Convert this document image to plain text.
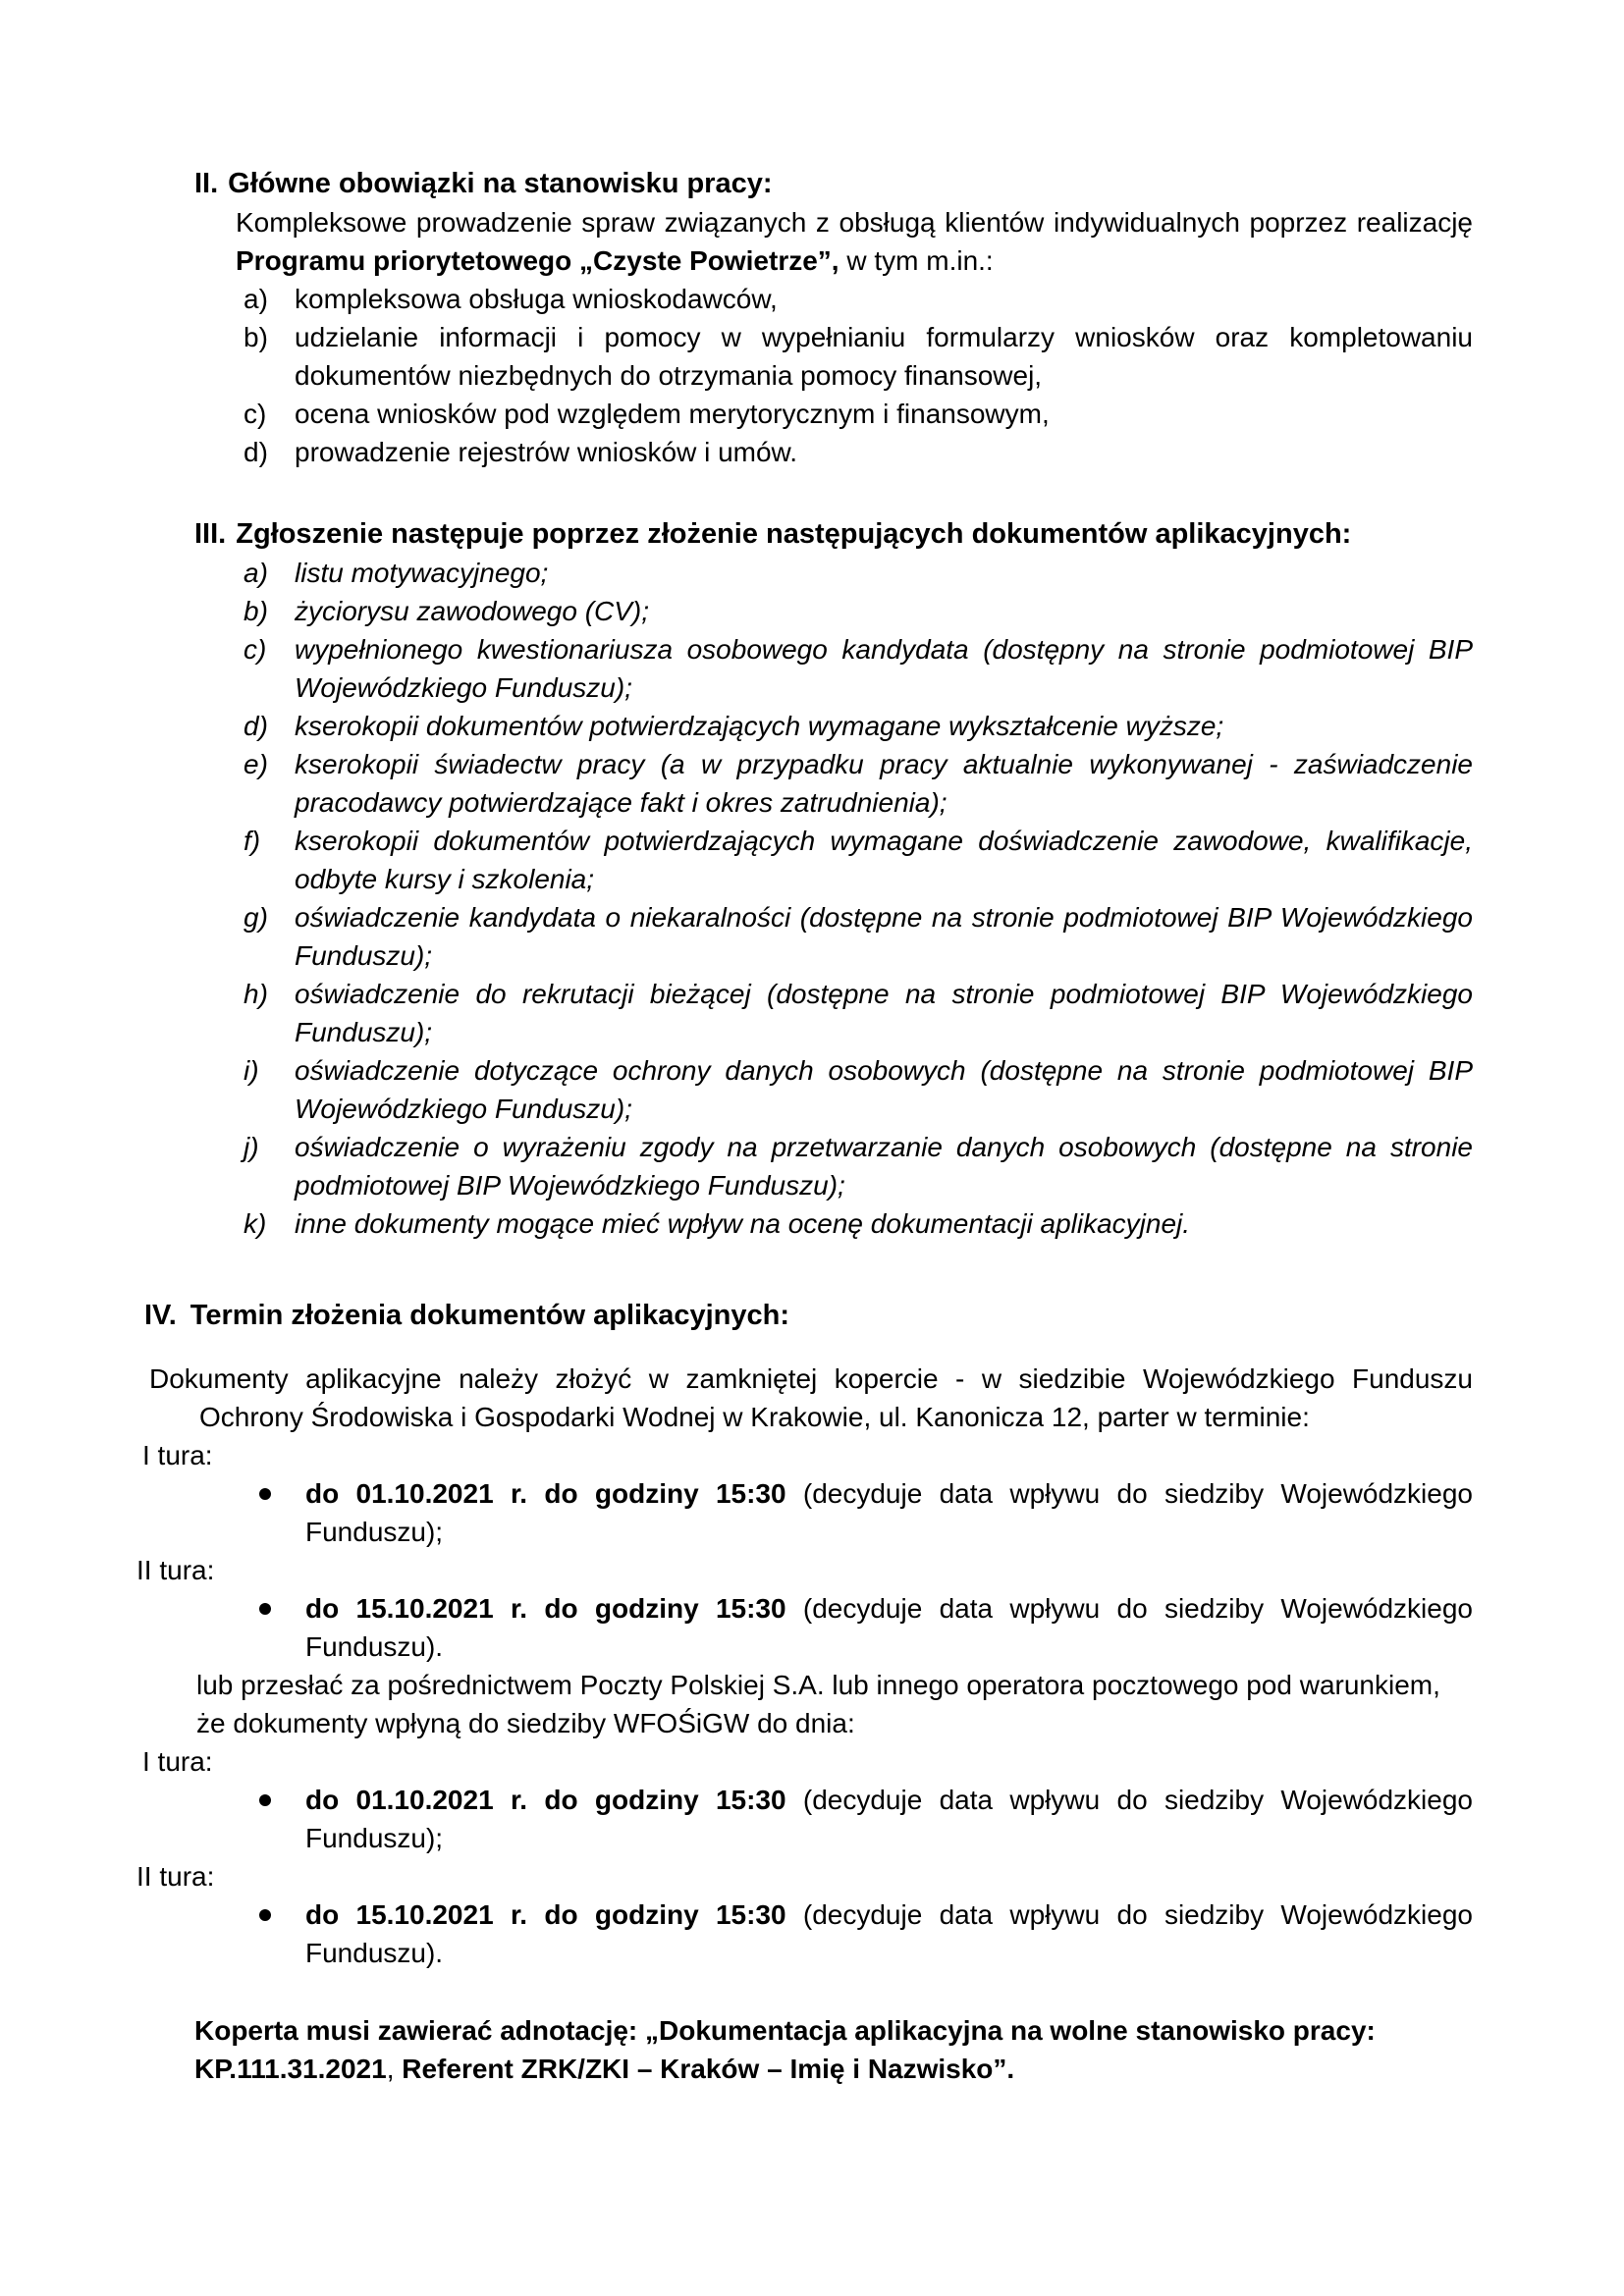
II. Główne obowiązki na stanowisku pracy:

Kompleksowe prowadzenie spraw związanych z obsługą klientów indywidualnych poprzez realizację Programu priorytetowego „Czyste Powietrze”, w tym m.in.:

a) kompleksowa obsługa wnioskodawców,
b) udzielanie informacji i pomocy w wypełnianiu formularzy wniosków oraz kompletowaniu dokumentów niezbędnych do otrzymania pomocy finansowej,
c)	ocena wniosków pod względem merytorycznym i finansowym,
d) prowadzenie rejestrów wniosków i umów.
III. Zgłoszenie następuje poprzez złożenie następujących dokumentów aplikacyjnych:
a) listu motywacyjnego;
b) życiorysu zawodowego (CV);
c)	wypełnionego kwestionariusza osobowego kandydata (dostępny na stronie podmiotowej BIP Wojewódzkiego Funduszu);
d) kserokopii dokumentów potwierdzających wymagane wykształcenie wyższe;
e) kserokopii świadectw pracy (a w przypadku pracy aktualnie wykonywanej - zaświadczenie pracodawcy potwierdzające fakt i okres zatrudnienia);
f)	kserokopii dokumentów potwierdzających wymagane doświadczenie zawodowe, kwalifikacje, odbyte kursy i szkolenia;
g) oświadczenie kandydata o niekaralności (dostępne na stronie podmiotowej BIP Wojewódzkiego Funduszu);
h) oświadczenie do rekrutacji bieżącej (dostępne na stronie podmiotowej BIP Wojewódzkiego Funduszu);
i)	oświadczenie dotyczące ochrony danych osobowych (dostępne na stronie podmiotowej BIP Wojewódzkiego Funduszu);
j)	oświadczenie o wyrażeniu zgody na przetwarzanie danych osobowych (dostępne na stronie podmiotowej BIP Wojewódzkiego Funduszu);
k)	inne dokumenty mogące mieć wpływ na ocenę dokumentacji aplikacyjnej.
IV. Termin złożenia dokumentów aplikacyjnych:

Dokumenty aplikacyjne należy złożyć w zamkniętej kopercie - w siedzibie Wojewódzkiego Funduszu Ochrony Środowiska i Gospodarki Wodnej w Krakowie, ul. Kanonicza 12, parter w terminie:

I tura:
do 01.10.2021 r. do godziny 15:30 (decyduje data wpływu do siedziby Wojewódzkiego Funduszu);
II tura:
do 15.10.2021 r. do godziny 15:30 (decyduje data wpływu do siedziby Wojewódzkiego Funduszu).

lub przesłać za pośrednictwem Poczty Polskiej S.A. lub innego operatora pocztowego pod warunkiem, że dokumenty wpłyną do siedziby WFOŚiGW do dnia:

I tura:
do 01.10.2021 r. do godziny 15:30 (decyduje data wpływu do siedziby Wojewódzkiego Funduszu);
II tura:
do 15.10.2021 r. do godziny 15:30 (decyduje data wpływu do siedziby Wojewódzkiego Funduszu).

Koperta musi zawierać adnotację: „Dokumentacja aplikacyjna na wolne stanowisko pracy: KP.111.31.2021, Referent ZRK/ZKI – Kraków – Imię i Nazwisko”.
